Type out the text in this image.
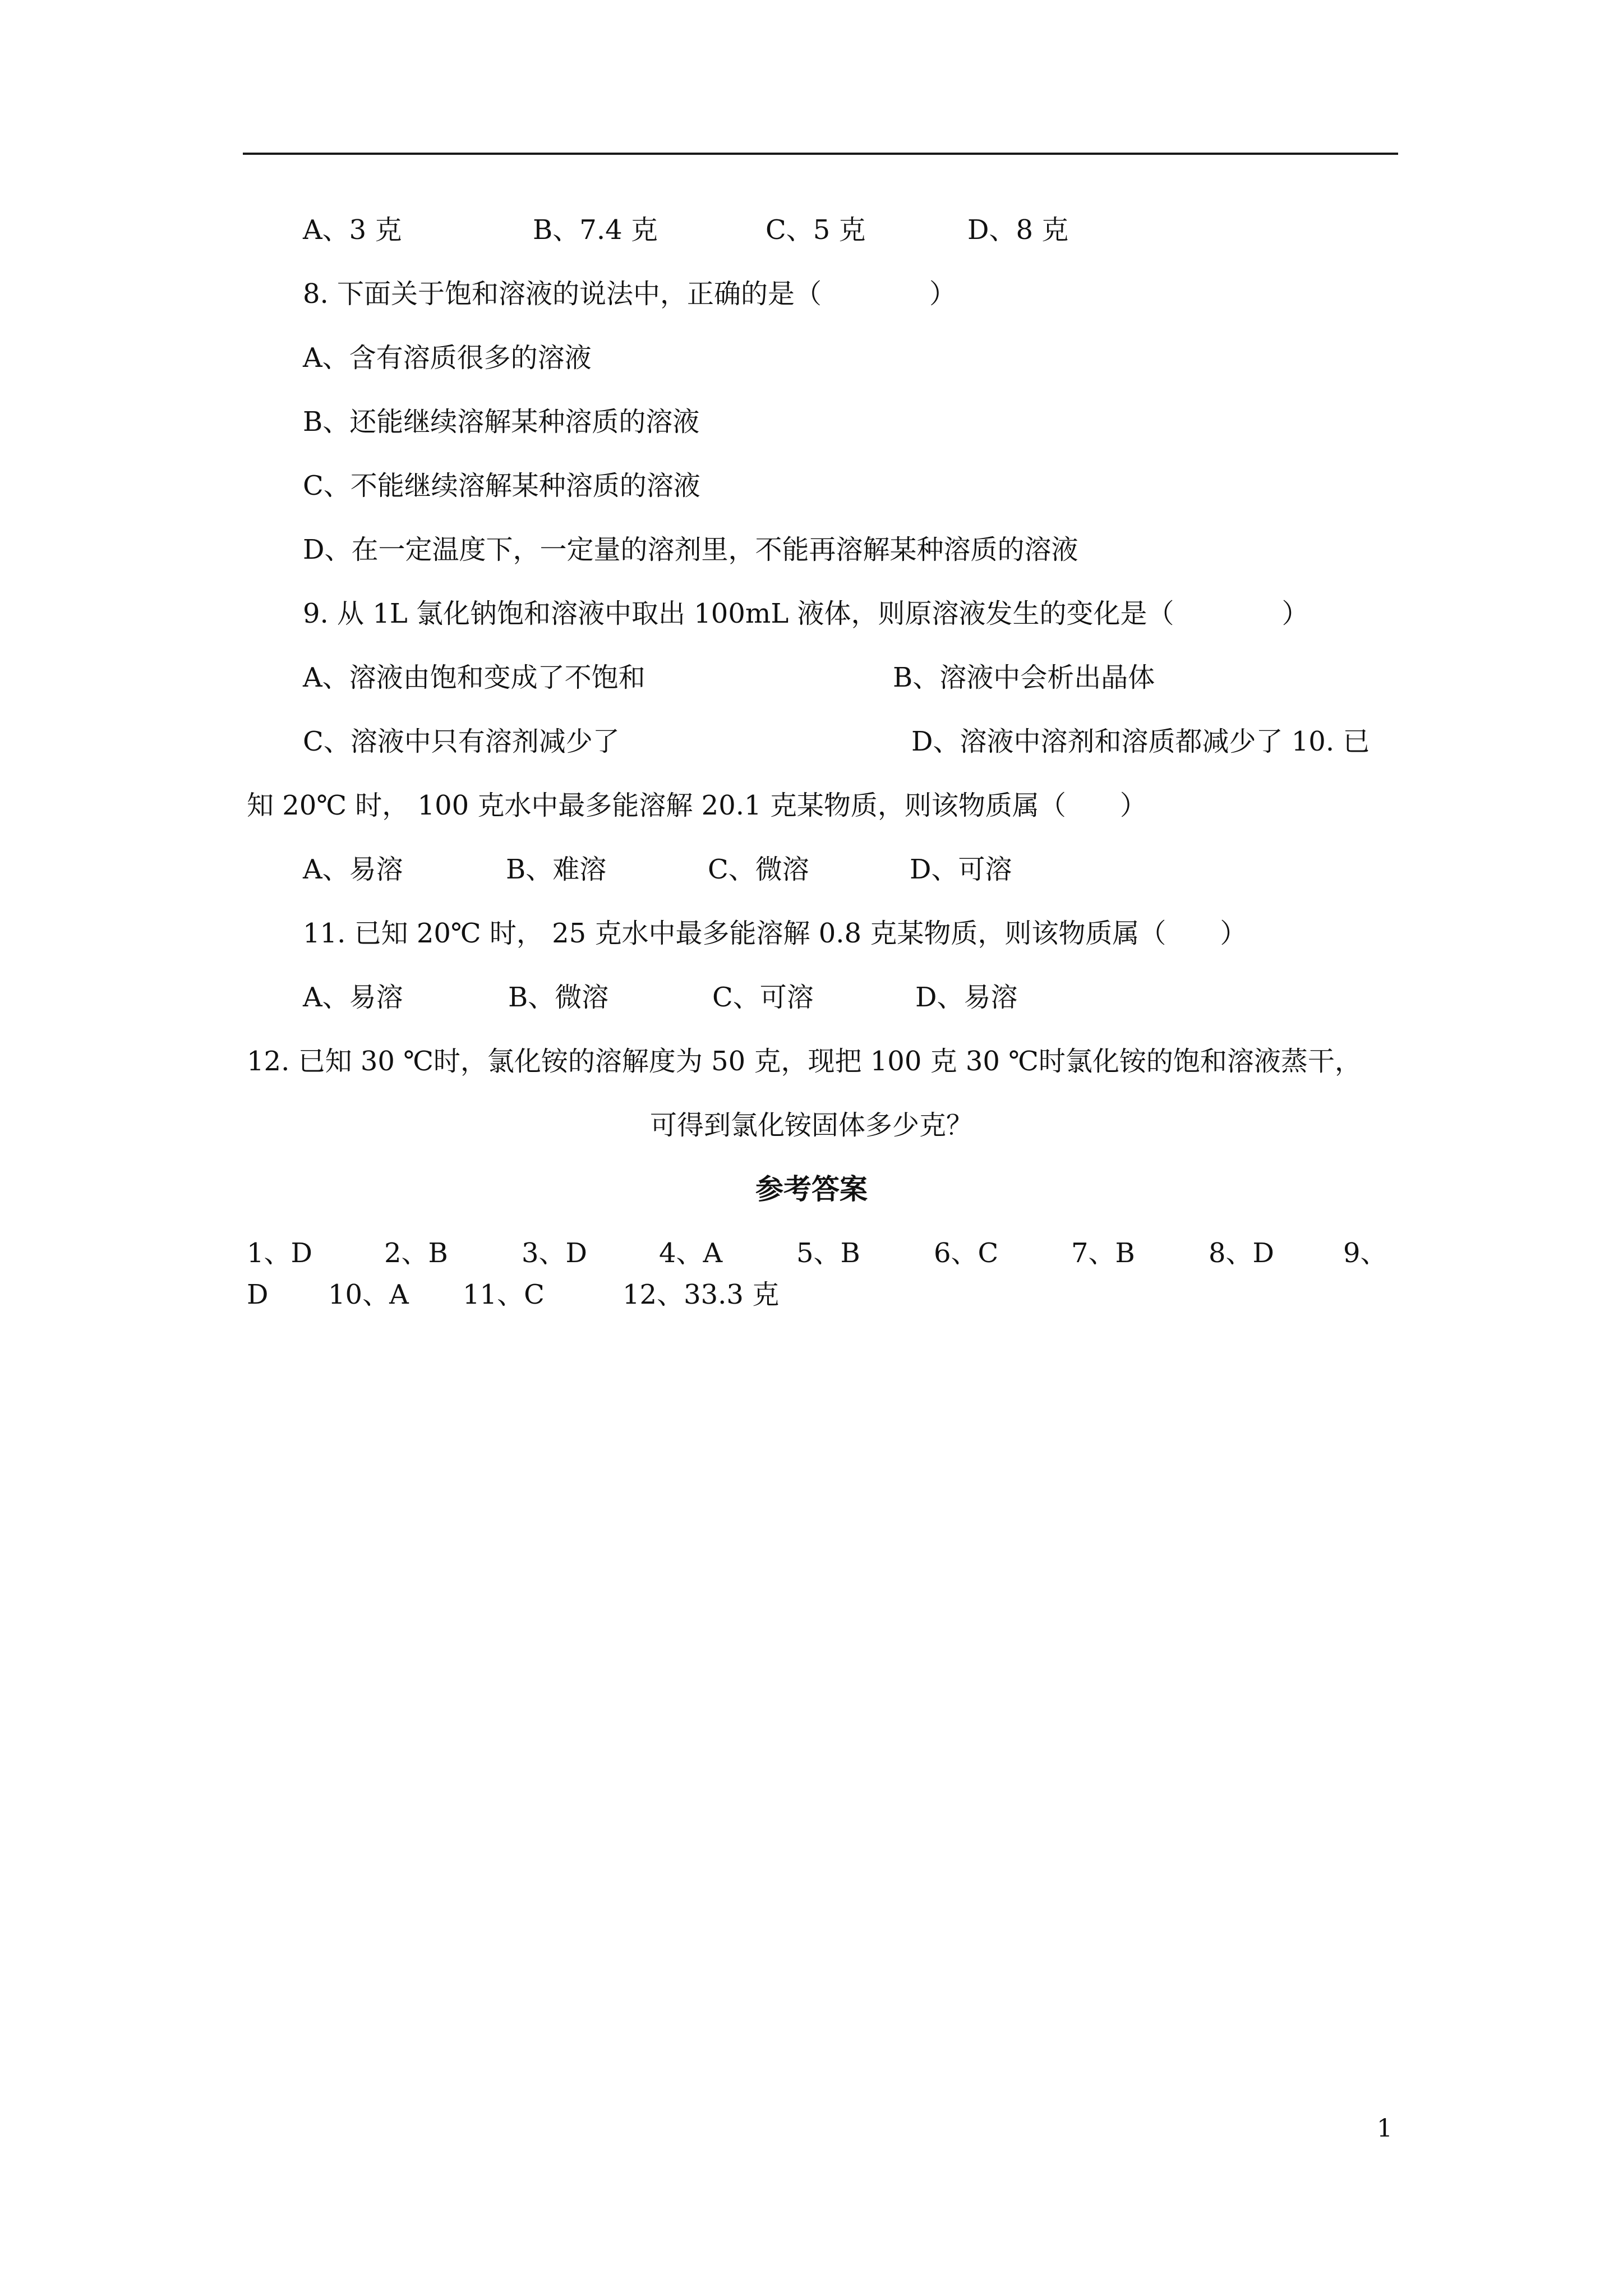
A、3 克	B、7.4 克	C、5 克	D、8 克
8. 下面关于饱和溶液的说法中，正确的是（　　　　）
A、含有溶质很多的溶液
B、还能继续溶解某种溶质的溶液
C、不能继续溶解某种溶质的溶液
D、在一定温度下，一定量的溶剂里，不能再溶解某种溶质的溶液
9. 从 1L 氯化钠饱和溶液中取出 100mL 液体，则原溶液发生的变化是（　　　　）
A、溶液由饱和变成了不饱和	B、溶液中会析出晶体
C、溶液中只有溶剂减少了	D、溶液中溶剂和溶质都减少了 10. 已
知 20℃ 时， 100 克水中最多能溶解 20.1 克某物质，则该物质属（　　）
A、易溶	B、难溶	C、微溶	D、可溶
11. 已知 20℃ 时， 25 克水中最多能溶解 0.8 克某物质，则该物质属（　　）
A、易溶	B、微溶	C、可溶	D、易溶
12. 已知 30 ℃时，氯化铵的溶解度为 50 克，现把 100 克 30 ℃时氯化铵的饱和溶液蒸干，
可得到氯化铵固体多少克？
参考答案
1、D	2、B	3、D	4、A	5、B	6、C	7、B	8、D	9、
D 10、A 11、C	12、33.3 克
1
